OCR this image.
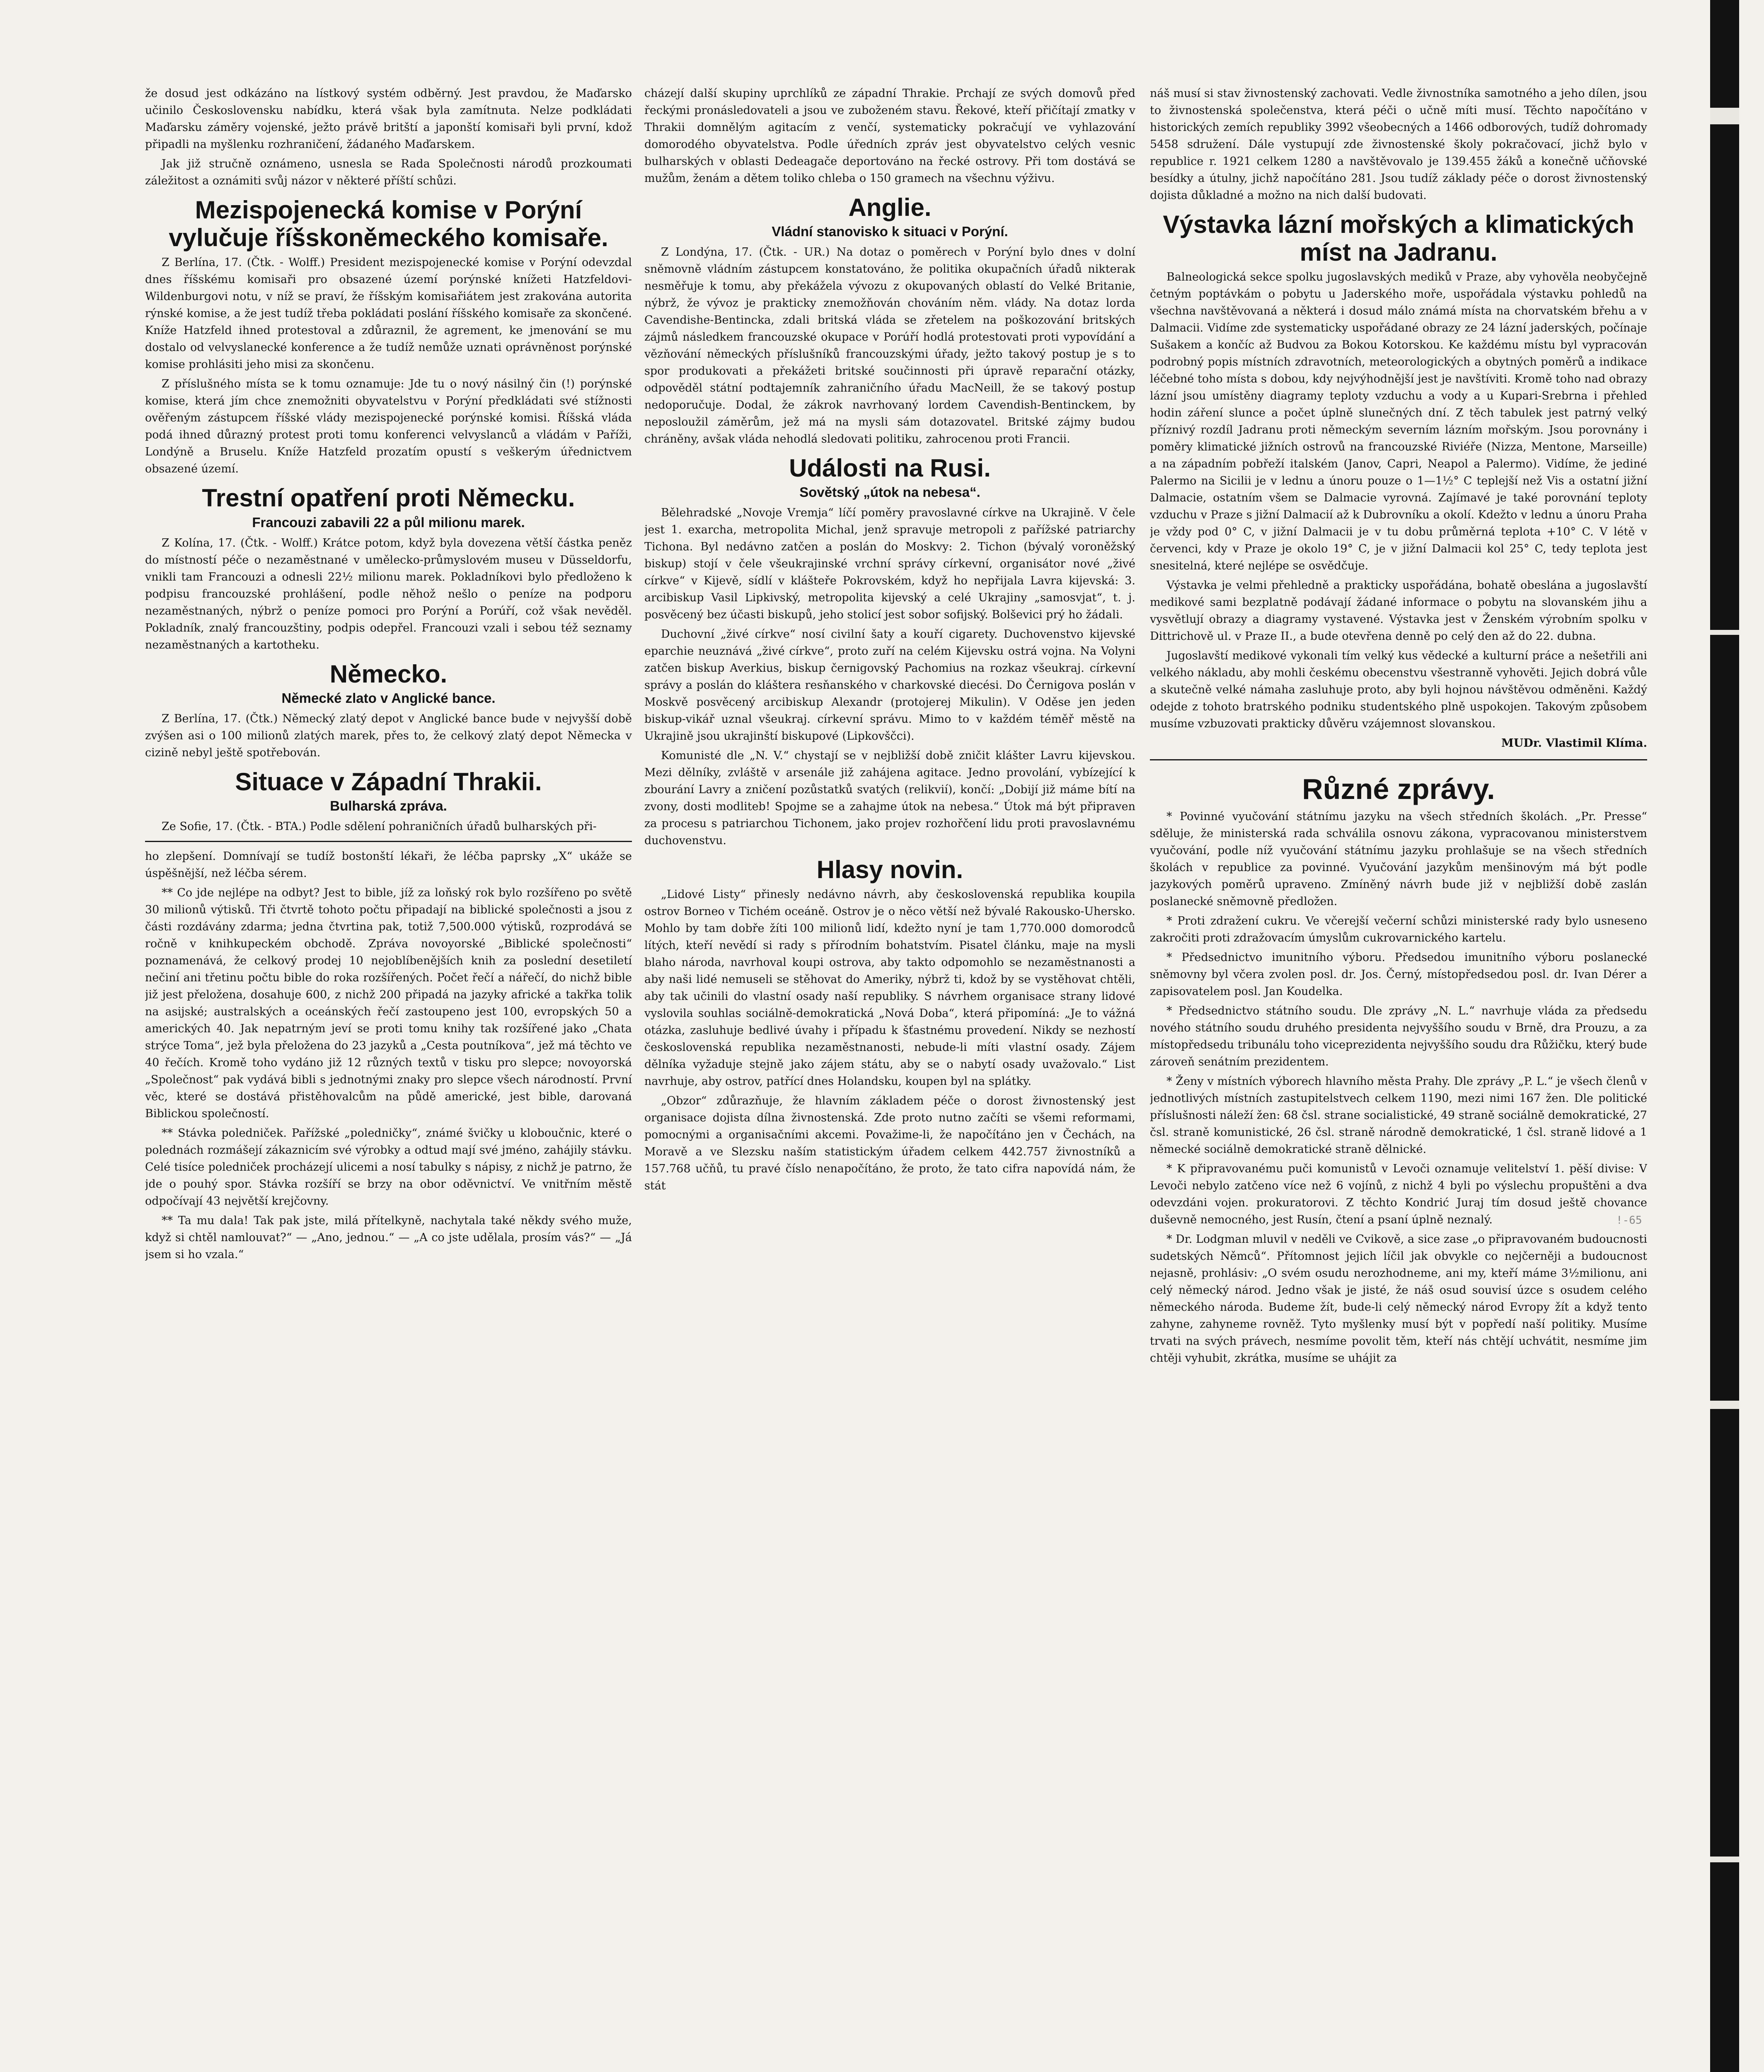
že dosud jest odkázáno na lístkový systém odběrný. Jest pravdou, že Maďarsko učinilo Československu nabídku, která však byla zamítnuta. Nelze podkládati Maďarsku záměry vojenské, ježto právě britští a japonští komisaři byli první, kdož připadli na myšlenku rozhraničení, žádaného Maďarskem.

Jak již stručně oznámeno, usnesla se Rada Společnosti národů prozkoumati záležitost a oznámiti svůj názor v některé příští schůzi.

Mezispojenecká komise v Porýní vylučuje říšskoněmeckého komisaře.

Z Berlína, 17. (Čtk. - Wolff.) President mezispojenecké komise v Porýní odevzdal dnes říšskému komisaři pro obsazené území porýnské knížeti Hatzfeldovi-Wildenburgovi notu, v níž se praví, že říšským komisařiátem jest zrakována autorita rýnské komise, a že jest tudíž třeba pokládati poslání říšského komisaře za skončené. Kníže Hatzfeld ihned protestoval a zdůraznil, že agrement, ke jmenování se mu dostalo od velvyslanecké konference a že tudíž nemůže uznati oprávněnost porýnské komise prohlásiti jeho misi za skončenu.

Z příslušného místa se k tomu oznamuje: Jde tu o nový násilný čin (!) porýnské komise, která jím chce znemožniti obyvatelstvu v Porýní předkládati své stížnosti ověřeným zástupcem říšské vlády mezispojenecké porýnské komisi. Říšská vláda podá ihned důrazný protest proti tomu konferenci velvyslanců a vládám v Paříži, Londýně a Bruselu. Kníže Hatzfeld prozatím opustí s veškerým úřednictvem obsazené území.

Trestní opatření proti Německu.
Francouzi zabavili 22 a půl milionu marek.

Z Kolína, 17. (Čtk. - Wolff.) Krátce potom, když byla dovezena větší částka peněz do místností péče o nezaměstnané v umělecko-průmyslovém museu v Düsseldorfu, vnikli tam Francouzi a odnesli 22½ milionu marek. Pokladníkovi bylo předloženo k podpisu francouzské prohlášení, podle něhož nešlo o peníze na podporu nezaměstnaných, nýbrž o peníze pomoci pro Porýní a Porúří, což však nevěděl. Pokladník, znalý francouzštiny, podpis odepřel. Francouzi vzali i sebou též seznamy nezaměstnaných a kartotheku.

Německo.
Německé zlato v Anglické bance.

Z Berlína, 17. (Čtk.) Německý zlatý depot v Anglické bance bude v nejvyšší době zvýšen asi o 100 milionů zlatých marek, přes to, že celkový zlatý depot Německa v cizině nebyl ještě spotřebován.

Situace v Západní Thrakii.
Bulharská zpráva.

Ze Sofie, 17. (Čtk. - BTA.) Podle sdělení pohraničních úřadů bulharských při-

ho zlepšení. Domnívají se tudíž bostonští lékaři, že léčba paprsky „X“ ukáže se úspěšnější, než léčba sérem.

** Co jde nejlépe na odbyt? Jest to bible, jíž za loňský rok bylo rozšířeno po světě 30 milionů výtisků. Tři čtvrtě tohoto počtu připadají na biblické společnosti a jsou z části rozdávány zdarma; jedna čtvrtina pak, totiž 7,500.000 výtisků, rozprodává se ročně v knihkupeckém obchodě. Zpráva novoyorské „Biblické společnosti“ poznamenává, že celkový prodej 10 nejoblíbenějších knih za poslední desetiletí nečiní ani třetinu počtu bible do roka rozšířených. Počet řečí a nářečí, do nichž bible již jest přeložena, dosahuje 600, z nichž 200 připadá na jazyky africké a takřka tolik na asijské; australských a oceánských řečí zastoupeno jest 100, evropských 50 a amerických 40. Jak nepatrným jeví se proti tomu knihy tak rozšířené jako „Chata strýce Toma“, jež byla přeložena do 23 jazyků a „Cesta poutníkova“, jež má těchto ve 40 řečích. Kromě toho vydáno již 12 různých textů v tisku pro slepce; novoyorská „Společnost“ pak vydává bibli s jednotnými znaky pro slepce všech národností. První věc, které se dostává přistěhovalcům na půdě americké, jest bible, darovaná Biblickou společností.

** Stávka poledniček. Pařížské „poledničky“, známé švičky u kloboučnic, které o polednách rozmášejí zákaznicím své výrobky a odtud mají své jméno, zahájily stávku. Celé tisíce poledniček procházejí ulicemi a nosí tabulky s nápisy, z nichž je patrno, že jde o pouhý spor. Stávka rozšíří se brzy na obor oděvnictví. Ve vnitřním městě odpočívají 43 největší krejčovny.

** Ta mu dala! Tak pak jste, milá přítelkyně, nachytala také někdy svého muže, když si chtěl namlouvat?“ — „Ano, jednou.“ — „A co jste udělala, prosím vás?“ — „Já jsem si ho vzala.“

cházejí další skupiny uprchlíků ze západní Thrakie. Prchají ze svých domovů před řeckými pronásledovateli a jsou ve zuboženém stavu. Řekové, kteří přičítají zmatky v Thrakii domnělým agitacím z venčí, systematicky pokračují ve vyhlazování domorodého obyvatelstva. Podle úředních zpráv jest obyvatelstvo celých vesnic bulharských v oblasti Dedeagače deportováno na řecké ostrovy. Při tom dostává se mužům, ženám a dětem toliko chleba o 150 gramech na všechnu výživu.

Anglie.
Vládní stanovisko k situaci v Porýní.

Z Londýna, 17. (Čtk. - UR.) Na dotaz o poměrech v Porýní bylo dnes v dolní sněmovně vládním zástupcem konstatováno, že politika okupačních úřadů nikterak nesměřuje k tomu, aby překážela vývozu z okupovaných oblastí do Velké Britanie, nýbrž, že vývoz je prakticky znemožňován chováním něm. vlády. Na dotaz lorda Cavendishe-Bentincka, zdali britská vláda se zřetelem na poškozování britských zájmů následkem francouzské okupace v Porúří hodlá protestovati proti vypovídání a vězňování německých příslušníků francouzskými úřady, ježto takový postup je s to spor produkovati a překážeti britské součinnosti při úpravě reparační otázky, odpověděl státní podtajemník zahraničního úřadu MacNeill, že se takový postup nedoporučuje. Dodal, že zákrok navrhovaný lordem Cavendish-Bentinckem, by neposloužil záměrům, jež má na mysli sám dotazovatel. Britské zájmy budou chráněny, avšak vláda nehodlá sledovati politiku, zahrocenou proti Francii.

Události na Rusi.
Sovětský „útok na nebesa“.

Bělehradské „Novoje Vremja“ líčí poměry pravoslavné církve na Ukrajině. V čele jest 1. exarcha, metropolita Michal, jenž spravuje metropoli z pařížské patriarchy Tichona. Byl nedávno zatčen a poslán do Moskvy: 2. Tichon (bývalý voroněžský biskup) stojí v čele všeukrajinské vrchní správy církevní, organisátor nové „živé církve“ v Kijevě, sídlí v klášteře Pokrovském, když ho nepřijala Lavra kijevská: 3. arcibiskup Vasil Lipkivský, metropolita kijevský a celé Ukrajiny „samosvjat“, t. j. posvěcený bez účasti biskupů, jeho stolicí jest sobor sofijský. Bolševici prý ho žádali.

Duchovní „živé církve“ nosí civilní šaty a kouří cigarety. Duchovenstvo kijevské eparchie neuznává „živé církve“, proto zuří na celém Kijevsku ostrá vojna. Na Volyni zatčen biskup Averkius, biskup černigovský Pachomius na rozkaz všeukraj. církevní správy a poslán do kláštera resňanského v charkovské diecési. Do Černigova poslán v Moskvě posvěcený arcibiskup Alexandr (protojerej Mikulin). V Oděse jen jeden biskup-vikář uznal všeukraj. církevní správu. Mimo to v každém téměř městě na Ukrajině jsou ukrajinští biskupové (Lipkovščci).

Komunisté dle „N. V.“ chystají se v nejbližší době zničit klášter Lavru kijevskou. Mezi dělníky, zvláště v arsenále již zahájena agitace. Jedno provolání, vybízející k zbourání Lavry a zničení pozůstatků svatých (relikvií), končí: „Dobijí již máme bítí na zvony, dosti modliteb! Spojme se a zahajme útok na nebesa.“ Útok má být připraven za procesu s patriarchou Tichonem, jako projev rozhořčení lidu proti pravoslavnému duchovenstvu.

Hlasy novin.

„Lidové Listy“ přinesly nedávno návrh, aby československá republika koupila ostrov Borneo v Tichém oceáně. Ostrov je o něco větší než bývalé Rakousko-Uhersko. Mohlo by tam dobře žíti 100 milionů lidí, kdežto nyní je tam 1,770.000 domorodců lítých, kteří nevědí si rady s přírodním bohatstvím. Pisatel článku, maje na mysli blaho národa, navrhoval koupi ostrova, aby takto odpomohlo se nezaměstnanosti a aby naši lidé nemuseli se stěhovat do Ameriky, nýbrž ti, kdož by se vystěhovat chtěli, aby tak učinili do vlastní osady naší republiky. S návrhem organisace strany lidové vyslovila souhlas sociálně-demokratická „Nová Doba“, která připomíná: „Je to vážná otázka, zasluhuje bedlivé úvahy i případu k šťastnému provedení. Nikdy se nezhostí československá republika nezaměstnanosti, nebude-li míti vlastní osady. Zájem dělníka vyžaduje stejně jako zájem státu, aby se o nabytí osady uvažovalo.“ List navrhuje, aby ostrov, patřící dnes Holandsku, koupen byl na splátky.

„Obzor“ zdůrazňuje, že hlavním základem péče o dorost živnostenský jest organisace dojista dílna živnostenská. Zde proto nutno začíti se všemi reformami, pomocnými a organisačními akcemi. Považime-li, že napočítáno jen v Čechách, na Moravě a ve Slezsku naším statistickým úřadem celkem 442.757 živnostníků a 157.768 učňů, tu pravé číslo nenapočítáno, že proto, že tato cifra napovídá nám, že stát

náš musí si stav živnostenský zachovati. Vedle živnostníka samotného a jeho dílen, jsou to živnostenská společenstva, která péči o učně míti musí. Těchto napočítáno v historických zemích republiky 3992 všeobecných a 1466 odborových, tudíž dohromady 5458 sdružení. Dále vystupují zde živnostenské školy pokračovací, jichž bylo v republice r. 1921 celkem 1280 a navštěvovalo je 139.455 žáků a konečně učňovské besídky a útulny, jichž napočítáno 281. Jsou tudíž základy péče o dorost živnostenský dojista důkladné a možno na nich další budovati.

Výstavka lázní mořských a klimatických míst na Jadranu.

Balneologická sekce spolku jugoslavských mediků v Praze, aby vyhověla neobyčejně četným poptávkám o pobytu u Jaderského moře, uspořádala výstavku pohledů na všechna navštěvovaná a některá i dosud málo známá místa na chorvatském břehu a v Dalmacii. Vidíme zde systematicky uspořádané obrazy ze 24 lázní jaderských, počínaje Sušakem a končíc až Budvou za Bokou Kotorskou. Ke každému místu byl vypracován podrobný popis místních zdravotních, meteorologických a obytných poměrů a indikace léčebné toho místa s dobou, kdy nejvýhodnější jest je navštíviti. Kromě toho nad obrazy lázní jsou umístěny diagramy teploty vzduchu a vody a u Kupari-Srebrna i přehled hodin záření slunce a počet úplně slunečných dní. Z těch tabulek jest patrný velký příznivý rozdíl Jadranu proti německým severním lázním mořským. Jsou porovnány i poměry klimatické jižních ostrovů na francouzské Riviéře (Nizza, Mentone, Marseille) a na západním pobřeží italském (Janov, Capri, Neapol a Palermo). Vidíme, že jediné Palermo na Sicilii je v lednu a únoru pouze o 1—1½° C teplejší než Vis a ostatní jižní Dalmacie, ostatním všem se Dalmacie vyrovná. Zajímavé je také porovnání teploty vzduchu v Praze s jižní Dalmacií až k Dubrovníku a okolí. Kdežto v lednu a únoru Praha je vždy pod 0° C, v jižní Dalmacii je v tu dobu průměrná teplota +10° C. V létě v červenci, kdy v Praze je okolo 19° C, je v jižní Dalmacii kol 25° C, tedy teplota jest snesitelná, které nejlépe se osvědčuje.

Výstavka je velmi přehledně a prakticky uspořádána, bohatě obeslána a jugoslavští medikové sami bezplatně podávají žádané informace o pobytu na slovanském jihu a vysvětlují obrazy a diagramy vystavené. Výstavka jest v Ženském výrobním spolku v Dittrichově ul. v Praze II., a bude otevřena denně po celý den až do 22. dubna.

Jugoslavští medikové vykonali tím velký kus vědecké a kulturní práce a nešetřili ani velkého nákladu, aby mohli českému obecenstvu všestranně vyhověti. Jejich dobrá vůle a skutečně velké námaha zasluhuje proto, aby byli hojnou návštěvou odměněni. Každý odejde z tohoto bratrského podniku studentského plně uspokojen. Takovým způsobem musíme vzbuzovati prakticky důvěru vzájemnost slovanskou.

MUDr. Vlastimil Klíma.
Různé zprávy.

* Povinné vyučování státnímu jazyku na všech středních školách. „Pr. Presse“ sděluje, že ministerská rada schválila osnovu zákona, vypracovanou ministerstvem vyučování, podle níž vyučování státnímu jazyku prohlašuje se na všech středních školách v republice za povinné. Vyučování jazykům menšinovým má být podle jazykových poměrů upraveno. Zmíněný návrh bude již v nejbližší době zaslán poslanecké sněmovně předložen.

* Proti zdražení cukru. Ve včerejší večerní schůzi ministerské rady bylo usneseno zakročiti proti zdražovacím úmyslům cukrovarnického kartelu.

* Předsednictvo imunitního výboru. Předsedou imunitního výboru poslanecké sněmovny byl včera zvolen posl. dr. Jos. Černý, místopředsedou posl. dr. Ivan Dérer a zapisovatelem posl. Jan Koudelka.

* Předsednictvo státního soudu. Dle zprávy „N. L.“ navrhuje vláda za předsedu nového státního soudu druhého presidenta nejvyššího soudu v Brně, dra Prouzu, a za místopředsedu tribunálu toho viceprezidenta nejvyššího soudu dra Růžičku, který bude zároveň senátním prezidentem.

* Ženy v místních výborech hlavního města Prahy. Dle zprávy „P. L.“ je všech členů v jednotlivých místních zastupitelstvech celkem 1190, mezi nimi 167 žen. Dle politické příslušnosti náleží žen: 68 čsl. strane socialistické, 49 straně sociálně demokratické, 27 čsl. straně komunistické, 26 čsl. straně národně demokratické, 1 čsl. straně lidové a 1 německé sociálně demokratické straně dělnické.

* K připravovanému puči komunistů v Levoči oznamuje velitelství 1. pěší divise: V Levoči nebylo zatčeno více než 6 vojínů, z nichž 4 byli po výslechu propuštěni a dva odevzdáni vojen. prokuratorovi. Z těchto Kondrić Juraj tím dosud ještě chovance duševně nemocného, jest Rusín, čtení a psaní úplně neznalý.

* Dr. Lodgman mluvil v neděli ve Cvikově, a sice zase „o připravovaném budoucnosti sudetských Němců“. Přítomnost jejich líčil jak obvykle co nejčerněji a budoucnost nejasně, prohlásiv: „O svém osudu nerozhodneme, ani my, kteří máme 3½milionu, ani celý německý národ. Jedno však je jisté, že náš osud souvisí úzce s osudem celého německého národa. Budeme žít, bude-li celý německý národ Evropy žít a když tento zahyne, zahyneme rovněž. Tyto myšlenky musí být v popředí naší politiky. Musíme trvati na svých právech, nesmíme povolit těm, kteří nás chtějí uchvátit, nesmíme jim chtěji vyhubit, zkrátka, musíme se uhájit za

!-65
